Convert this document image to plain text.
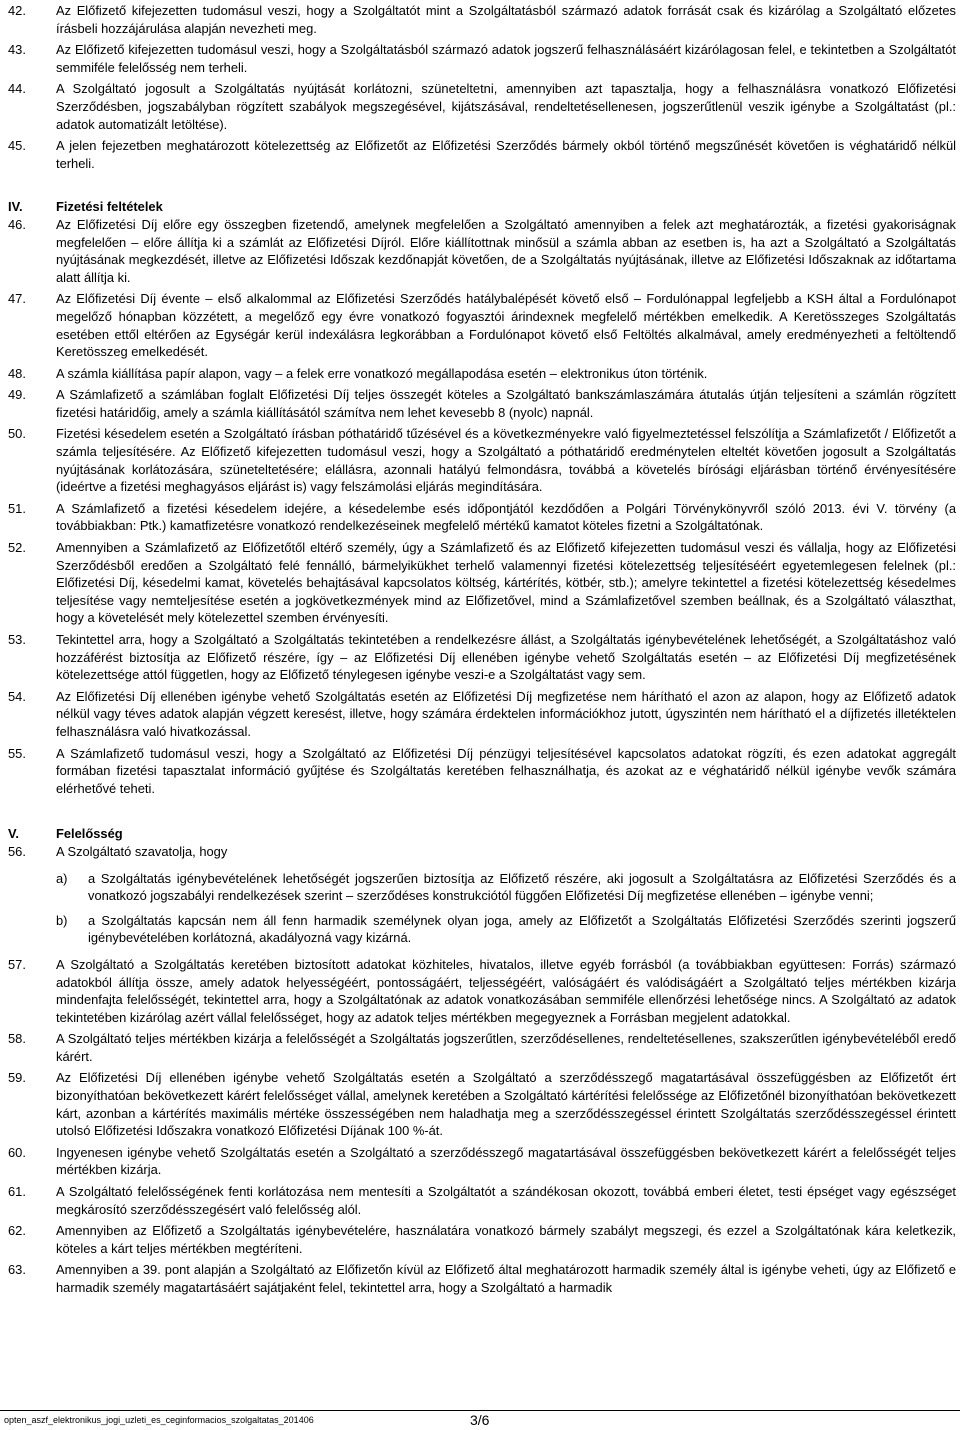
42. Az Előfizető kifejezetten tudomásul veszi, hogy a Szolgáltatót mint a Szolgáltatásból származó adatok forrását csak és kizárólag a Szolgáltató előzetes írásbeli hozzájárulása alapján nevezheti meg.
43. Az Előfizető kifejezetten tudomásul veszi, hogy a Szolgáltatásból származó adatok jogszerű felhasználásáért kizárólagosan felel, e tekintetben a Szolgáltatót semmiféle felelősség nem terheli.
44. A Szolgáltató jogosult a Szolgáltatás nyújtását korlátozni, szüneteltetni, amennyiben azt tapasztalja, hogy a felhasználásra vonatkozó Előfizetési Szerződésben, jogszabályban rögzített szabályok megszegésével, kijátszásával, rendeltetésellenesen, jogszerűtlenül veszik igénybe a Szolgáltatást (pl.: adatok automatizált letöltése).
45. A jelen fejezetben meghatározott kötelezettség az Előfizetőt az Előfizetési Szerződés bármely okból történő megszűnését követően is véghatáridő nélkül terheli.
IV.	Fizetési feltételek
46. Az Előfizetési Díj előre egy összegben fizetendő, amelynek megfelelően a Szolgáltató amennyiben a felek azt meghatározták, a fizetési gyakoriságnak megfelelően – előre állítja ki a számlát az Előfizetési Díjról. Előre kiállítottnak minősül a számla abban az esetben is, ha azt a Szolgáltató a Szolgáltatás nyújtásának megkezdését, illetve az Előfizetési Időszak kezdőnapját követően, de a Szolgáltatás nyújtásának, illetve az Előfizetési Időszaknak az időtartama alatt állítja ki.
47. Az Előfizetési Díj évente – első alkalommal az Előfizetési Szerződés hatálybalépését követő első – Fordulónappal legfeljebb a KSH által a Fordulónapot megelőző hónapban közzétett, a megelőző egy évre vonatkozó fogyasztói árindexnek megfelelő mértékben emelkedik. A Keretösszeges Szolgáltatás esetében ettől eltérően az Egységár kerül indexálásra legkorábban a Fordulónapot követő első Feltöltés alkalmával, amely eredményezheti a feltöltendő Keretösszeg emelkedését.
48. A számla kiállítása papír alapon, vagy – a felek erre vonatkozó megállapodása esetén – elektronikus úton történik.
49. A Számlafizető a számlában foglalt Előfizetési Díj teljes összegét köteles a Szolgáltató bankszámlaszámára átutalás útján teljesíteni a számlán rögzített fizetési határidőig, amely a számla kiállításától számítva nem lehet kevesebb 8 (nyolc) napnál.
50. Fizetési késedelem esetén a Szolgáltató írásban póthatáridő tűzésével és a következményekre való figyelmeztetéssel felszólítja a Számlafizetőt / Előfizetőt a számla teljesítésére. Az Előfizető kifejezetten tudomásul veszi, hogy a Szolgáltató a póthatáridő eredménytelen elteltét követően jogosult a Szolgáltatás nyújtásának korlátozására, szüneteltetésére; elállásra, azonnali hatályú felmondásra, továbbá a követelés bírósági eljárásban történő érvényesítésére (ideértve a fizetési meghagyásos eljárást is) vagy felszámolási eljárás megindítására.
51. A Számlafizető a fizetési késedelem idejére, a késedelembe esés időpontjától kezdődően a Polgári Törvénykönyvről szóló 2013. évi V. törvény (a továbbiakban: Ptk.) kamatfizetésre vonatkozó rendelkezéseinek megfelelő mértékű kamatot köteles fizetni a Szolgáltatónak.
52. Amennyiben a Számlafizető az Előfizetőtől eltérő személy, úgy a Számlafizető és az Előfizető kifejezetten tudomásul veszi és vállalja, hogy az Előfizetési Szerződésből eredően a Szolgáltató felé fennálló, bármelyikükhet terhelő valamennyi fizetési kötelezettség teljesítéséért egyetemlegesen felelnek (pl.: Előfizetési Díj, késedelmi kamat, követelés behajtásával kapcsolatos költség, kártérítés, kötbér, stb.); amelyre tekintettel a fizetési kötelezettség késedelmes teljesítése vagy nemteljesítése esetén a jogkövetkezmények mind az Előfizetővel, mind a Számlafizetővel szemben beállnak, és a Szolgáltató választhat, hogy a követelését mely kötelezettel szemben érvényesíti.
53. Tekintettel arra, hogy a Szolgáltató a Szolgáltatás tekintetében a rendelkezésre állást, a Szolgáltatás igénybevételének lehetőségét, a Szolgáltatáshoz való hozzáférést biztosítja az Előfizető részére, így – az Előfizetési Díj ellenében igénybe vehető Szolgáltatás esetén – az Előfizetési Díj megfizetésének kötelezettsége attól független, hogy az Előfizető ténylegesen igénybe veszi-e a Szolgáltatást vagy sem.
54. Az Előfizetési Díj ellenében igénybe vehető Szolgáltatás esetén az Előfizetési Díj megfizetése nem hárítható el azon az alapon, hogy az Előfizető adatok nélkül vagy téves adatok alapján végzett keresést, illetve, hogy számára érdektelen információkhoz jutott, úgyszintén nem hárítható el a díjfizetés illetéktelen felhasználásra való hivatkozással.
55. A Számlafizető tudomásul veszi, hogy a Szolgáltató az Előfizetési Díj pénzügyi teljesítésével kapcsolatos adatokat rögzíti, és ezen adatokat aggregált formában fizetési tapasztalat információ gyűjtése és Szolgáltatás keretében felhasználhatja, és azokat az e véghatáridő nélkül igénybe vevők számára elérhetővé teheti.
V.	Felelősség
56. A Szolgáltató szavatolja, hogy
a) a Szolgáltatás igénybevételének lehetőségét jogszerűen biztosítja az Előfizető részére, aki jogosult a Szolgáltatásra az Előfizetési Szerződés és a vonatkozó jogszabályi rendelkezések szerint – szerződéses konstrukciótól függően Előfizetési Díj megfizetése ellenében – igénybe venni;
b) a Szolgáltatás kapcsán nem áll fenn harmadik személynek olyan joga, amely az Előfizetőt a Szolgáltatás Előfizetési Szerződés szerinti jogszerű igénybevételében korlátozná, akadályozná vagy kizárná.
57. A Szolgáltató a Szolgáltatás keretében biztosított adatokat közhiteles, hivatalos, illetve egyéb forrásból (a továbbiakban együttesen: Forrás) származó adatokból állítja össze, amely adatok helyességéért, pontosságáért, teljességéért, valóságáért és valódiságáért a Szolgáltató teljes mértékben kizárja mindenfajta felelősségét, tekintettel arra, hogy a Szolgáltatónak az adatok vonatkozásában semmiféle ellenőrzési lehetősége nincs. A Szolgáltató az adatok tekintetében kizárólag azért vállal felelősséget, hogy az adatok teljes mértékben megegyeznek a Forrásban megjelent adatokkal.
58. A Szolgáltató teljes mértékben kizárja a felelősségét a Szolgáltatás jogszerűtlen, szerződésellenes, rendeltetésellenes, szakszerűtlen igénybevételéből eredő kárért.
59. Az Előfizetési Díj ellenében igénybe vehető Szolgáltatás esetén a Szolgáltató a szerződésszegő magatartásával összefüggésben az Előfizetőt ért bizonyíthatóan bekövetkezett kárért felelősséget vállal, amelynek keretében a Szolgáltató kártérítési felelőssége az Előfizetőnél bizonyíthatóan bekövetkezett kárt, azonban a kártérítés maximális mértéke összességében nem haladhatja meg a szerződésszegéssel érintett Szolgáltatás szerződésszegéssel érintett utolsó Előfizetési Időszakra vonatkozó Előfizetési Díjának 100 %-át.
60. Ingyenesen igénybe vehető Szolgáltatás esetén a Szolgáltató a szerződésszegő magatartásával összefüggésben bekövetkezett kárért a felelősségét teljes mértékben kizárja.
61. A Szolgáltató felelősségének fenti korlátozása nem mentesíti a Szolgáltatót a szándékosan okozott, továbbá emberi életet, testi épséget vagy egészséget megkárosító szerződésszegésért való felelősség alól.
62. Amennyiben az Előfizető a Szolgáltatás igénybevételére, használatára vonatkozó bármely szabályt megszegi, és ezzel a Szolgáltatónak kára keletkezik, köteles a kárt teljes mértékben megtéríteni.
63. Amennyiben a 39. pont alapján a Szolgáltató az Előfizetőn kívül az Előfizető által meghatározott harmadik személy által is igénybe veheti, úgy az Előfizető e harmadik személy magatartásáért sajátjaként felel, tekintettel arra, hogy a Szolgáltató a harmadik
opten_aszf_elektronikus_jogi_uzleti_es_ceginformacios_szolgaltatas_201406	3/6
